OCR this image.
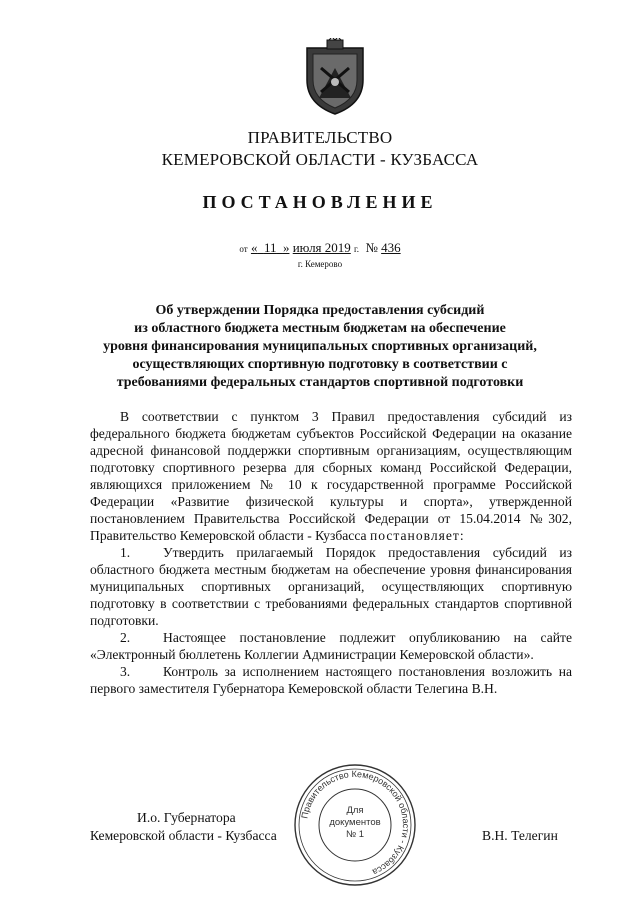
ПРАВИТЕЛЬСТВО
КЕМЕРОВСКОЙ ОБЛАСТИ - КУЗБАССА
ПОСТАНОВЛЕНИЕ
от « 11 » июля 2019 г. № 436
г. Кемерово
Об утверждении Порядка предоставления субсидий
из областного бюджета местным бюджетам на обеспечение
уровня финансирования муниципальных спортивных организаций,
осуществляющих спортивную подготовку в соответствии с
требованиями федеральных стандартов спортивной подготовки
В соответствии с пунктом 3 Правил предоставления субсидий из федерального бюджета бюджетам субъектов Российской Федерации на оказание адресной финансовой поддержки спортивным организациям, осуществляющим подготовку спортивного резерва для сборных команд Российской Федерации, являющихся приложением № 10 к государственной программе Российской Федерации «Развитие физической культуры и спорта», утвержденной постановлением Правительства Российской Федерации от 15.04.2014 №302, Правительство Кемеровской области - Кузбасса постановляет:
1.	Утвердить прилагаемый Порядок предоставления субсидий из областного бюджета местным бюджетам на обеспечение уровня финансирования муниципальных спортивных организаций, осуществляющих спортивную подготовку в соответствии с требованиями федеральных стандартов спортивной подготовки.
2.	Настоящее постановление подлежит опубликованию на сайте «Электронный бюллетень Коллегии Администрации Кемеровской области».
3.	Контроль за исполнением настоящего постановления возложить на первого заместителя Губернатора Кемеровской области Телегина В.Н.
И.о. Губернатора
Кемеровской области - Кузбасса	В.Н. Телегин
Правительство Кемеровской области - Кузбасса
Для
документов
№ 1
